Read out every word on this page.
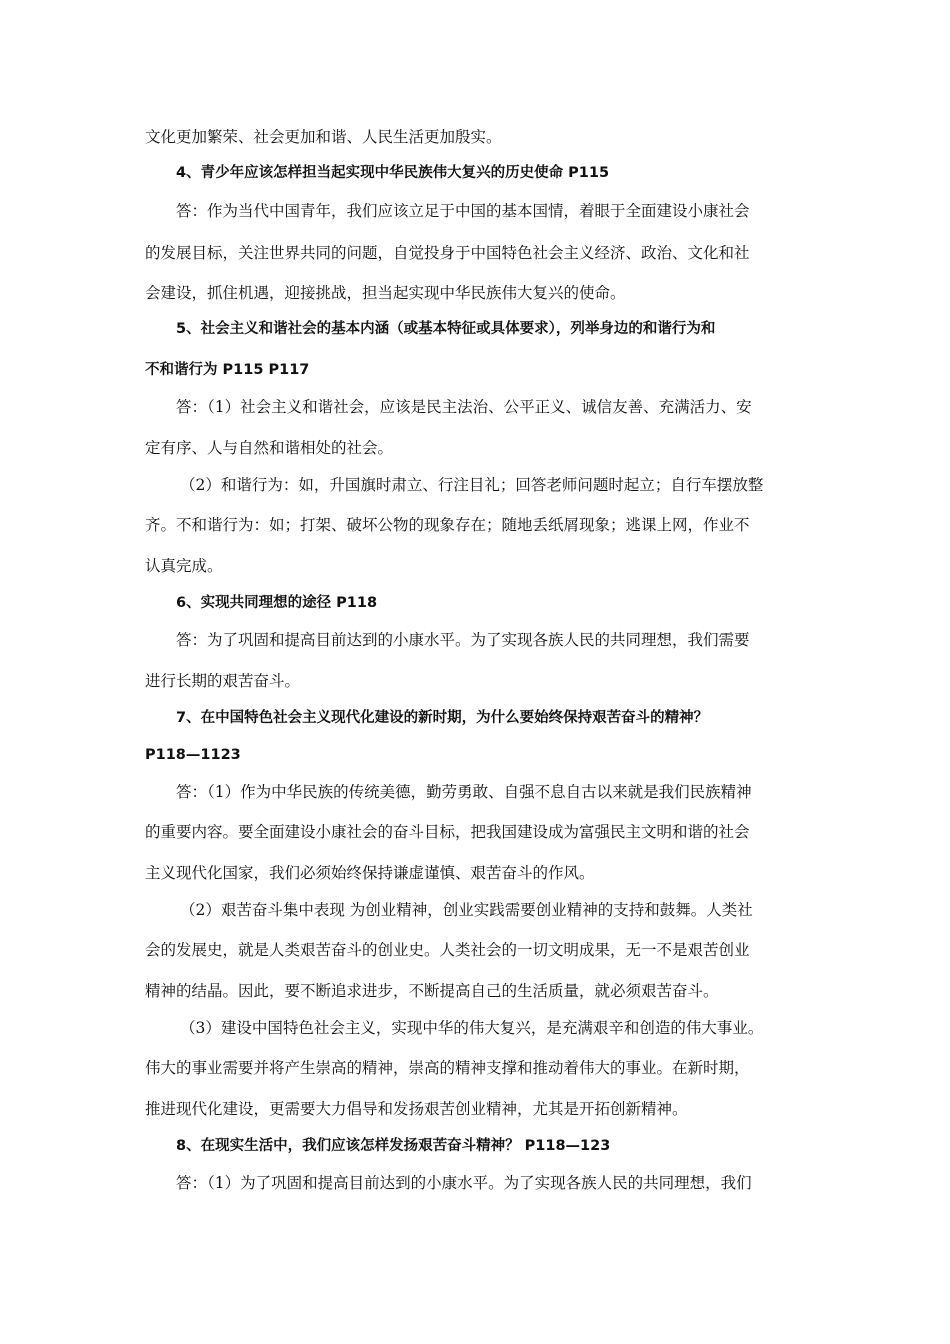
文化更加繁荣、社会更加和谐、人民生活更加殷实。
4、青少年应该怎样担当起实现中华民族伟大复兴的历史使命 P115
答：作为当代中国青年，我们应该立足于中国的基本国情，着眼于全面建设小康社会
的发展目标，关注世界共同的问题，自觉投身于中国特色社会主义经济、政治、文化和社
会建设，抓住机遇，迎接挑战，担当起实现中华民族伟大复兴的使命。
5、社会主义和谐社会的基本内涵（或基本特征或具体要求），列举身边的和谐行为和
不和谐行为 P115 P117
答：（1）社会主义和谐社会，应该是民主法治、公平正义、诚信友善、充满活力、安
定有序、人与自然和谐相处的社会。
（2）和谐行为：如，升国旗时肃立、行注目礼；回答老师问题时起立；自行车摆放整
齐。不和谐行为：如；打架、破坏公物的现象存在；随地丢纸屑现象；逃课上网，作业不
认真完成。
6、实现共同理想的途径 P118
答：为了巩固和提高目前达到的小康水平。为了实现各族人民的共同理想，我们需要
进行长期的艰苦奋斗。
7、在中国特色社会主义现代化建设的新时期，为什么要始终保持艰苦奋斗的精神？
P118—1123
答：（1）作为中华民族的传统美德，勤劳勇敢、自强不息自古以来就是我们民族精神
的重要内容。要全面建设小康社会的奋斗目标，把我国建设成为富强民主文明和谐的社会
主义现代化国家，我们必须始终保持谦虚谨慎、艰苦奋斗的作风。
（2）艰苦奋斗集中表现 为创业精神，创业实践需要创业精神的支持和鼓舞。人类社
会的发展史，就是人类艰苦奋斗的创业史。人类社会的一切文明成果，无一不是艰苦创业
精神的结晶。因此，要不断追求进步，不断提高自己的生活质量，就必须艰苦奋斗。
（3）建设中国特色社会主义，实现中华的伟大复兴，是充满艰辛和创造的伟大事业。
伟大的事业需要并将产生崇高的精神，崇高的精神支撑和推动着伟大的事业。在新时期，
推进现代化建设，更需要大力倡导和发扬艰苦创业精神，尤其是开拓创新精神。
8、在现实生活中，我们应该怎样发扬艰苦奋斗精神？ P118—123
答：（1）为了巩固和提高目前达到的小康水平。为了实现各族人民的共同理想，我们
